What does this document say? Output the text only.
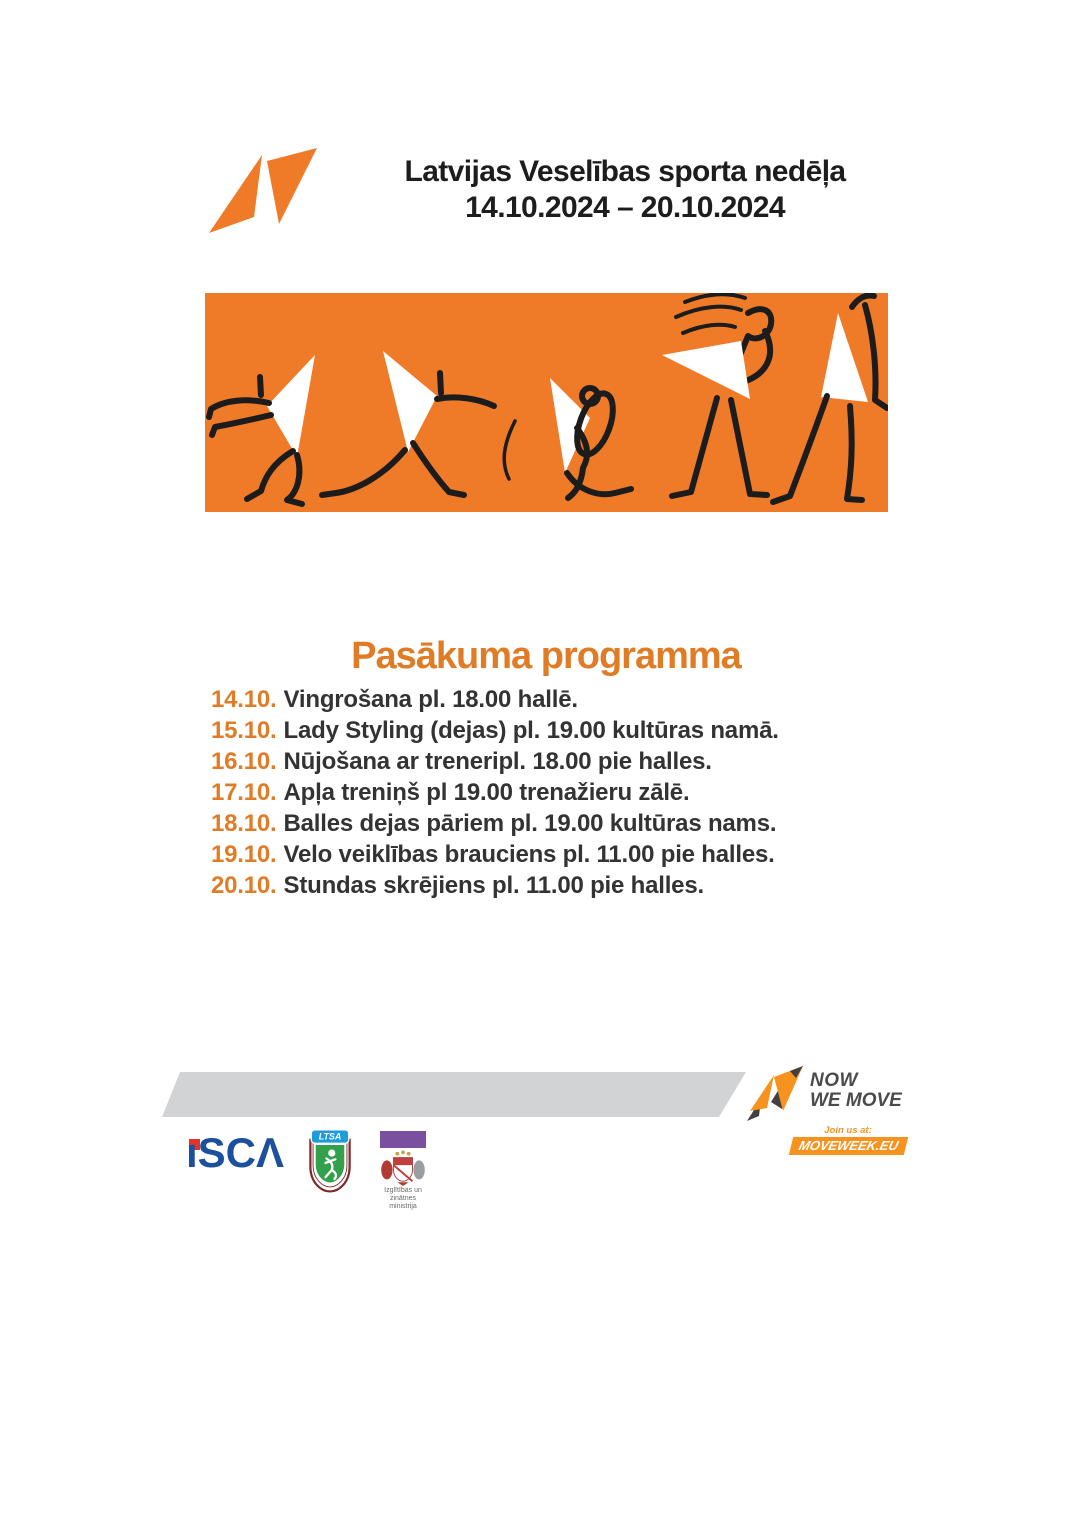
Latvijas Veselības sporta nedēļa
14.10.2024 – 20.10.2024
Pasākuma programma
14.10. Vingrošana pl. 18.00 hallē.
15.10. Lady Styling (dejas) pl. 19.00 kultūras namā.
16.10. Nūjošana ar treneripl. 18.00 pie halles.
17.10. Apļa treniņš pl 19.00 trenažieru zālē.
18.10. Balles dejas pāriem pl. 19.00 kultūras nams.
19.10. Velo veiklības brauciens pl. 11.00 pie halles.
20.10. Stundas skrējiens pl. 11.00 pie halles.
NOW
WE MOVE
Join us at:
MOVEWEEK.EU
ıSCΛ	LTSA
Izglītības un zinātnes
ministrija
